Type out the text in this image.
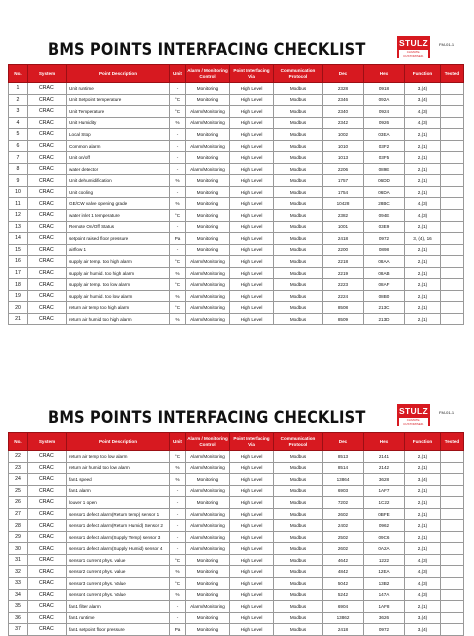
BMS POINTS INTERFACING CHECKLIST	STULZ
CLIMATE. CUSTOMISED.
FM-01-1
No.	System	Point Description	Unit	Alarm / Monitoring Control	Point Interfacing Via	Communication Protocol	Dec	Hex	Function	Tested
1	CRAC	Unit runtime	-	Monitoring	High Level	Modbus	2328	0918	3,(4)	
2	CRAC	Unit Setpoint temperature	°C	Monitoring	High Level	Modbus	2346	092A	3,(4)	
3	CRAC	Unit Temperature	°C	Alarm/Monitoring	High Level	Modbus	2340	0924	4,(3)	
4	CRAC	Unit Humidity	%	Alarm/Monitoring	High Level	Modbus	2342	0926	4,(3)	
5	CRAC	Local Stop	-	Monitoring	High Level	Modbus	1002	03EA	2,(1)	
6	CRAC	Common alarm	-	Alarm/Monitoring	High Level	Modbus	1010	03F2	2,(1)	
7	CRAC	Unit on/off	-	Monitoring	High Level	Modbus	1013	03F5	2,(1)	
8	CRAC	water detector	-	Alarm/Monitoring	High Level	Modbus	2206	089E	2,(1)	
9	CRAC	Unit dehumidification	%	Monitoring	High Level	Modbus	1757	06DD	2,(1)	
10	CRAC	Unit cooling	-	Monitoring	High Level	Modbus	1754	06DA	2,(1)	
11	CRAC	GE/CW valve opening grade	%	Monitoring	High Level	Modbus	10428	28BC	4,(3)	
12	CRAC	water inlet 1 temperature	°C	Monitoring	High Level	Modbus	2382	094E	4,(3)	
13	CRAC	Remote On/Off Status	-	Monitoring	High Level	Modbus	1001	03E9	2,(1)	
14	CRAC	setpoint raised floor pressure	Pa	Monitoring	High Level	Modbus	2418	0972	3, (4), 16	
15	CRAC	airflow 1	-	Monitoring	High Level	Modbus	2200	0898	2,(1)	
16	CRAC	supply air temp. too high alarm	°C	Alarm/Monitoring	High Level	Modbus	2218	08AA	2,(1)	
17	CRAC	supply air humid. too high alarm	%	Alarm/Monitoring	High Level	Modbus	2219	08AB	2,(1)	
18	CRAC	supply air temp. too low alarm	°C	Alarm/Monitoring	High Level	Modbus	2223	08AF	2,(1)	
19	CRAC	supply air humid. too low alarm	%	Alarm/Monitoring	High Level	Modbus	2224	08B0	2,(1)	
20	CRAC	return air temp too high alarm	°C	Alarm/Monitoring	High Level	Modbus	8508	213C	2,(1)	
21	CRAC	return air humid too high alarm	%	Alarm/Monitoring	High Level	Modbus	8509	213D	2,(1)	
BMS POINTS INTERFACING CHECKLIST	STULZ
CLIMATE. CUSTOMISED.
FM-01-1
No.	System	Point Description	Unit	Alarm / Monitoring Control	Point Interfacing Via	Communication Protocol	Dec	Hex	Function	Tested
22	CRAC	return air temp too low alarm	°C	Alarm/Monitoring	High Level	Modbus	8513	2141	2,(1)	
23	CRAC	return air humid too low alarm	%	Alarm/Monitoring	High Level	Modbus	8514	2142	2,(1)	
24	CRAC	fan1 speed	%	Monitoring	High Level	Modbus	13864	3628	3,(4)	
25	CRAC	fan1 alarm	-	Alarm/Monitoring	High Level	Modbus	6903	1AF7	2,(1)	
26	CRAC	louver 1 open	-	Monitoring	High Level	Modbus	7202	1C22	2,(1)	
27	CRAC	sensor1 defect alarm(Return temp) sensor 1	-	Alarm/Monitoring	High Level	Modbus	2602	0BFE	2,(1)	
28	CRAC	sensor1 defect alarm(Return Humid) Sensor 2	-	Alarm/Monitoring	High Level	Modbus	2402	0962	2,(1)	
29	CRAC	sensor1 defect alarm(Supply Temp) sensor 3	-	Alarm/Monitoring	High Level	Modbus	2502	09C6	2,(1)	
30	CRAC	sensor1 defect alarm(Supply Humid) sensor 4	-	Alarm/Monitoring	High Level	Modbus	2602	0A2A	2,(1)	
31	CRAC	sensor1 current phys. value	°C	Monitoring	High Level	Modbus	4642	1222	4,(3)	
32	CRAC	sensor2 current phys. value	%	Monitoring	High Level	Modbus	4842	12EA	4,(3)	
33	CRAC	sensor3 current phys. Value	°C	Monitoring	High Level	Modbus	5042	13B2	4,(3)	
34	CRAC	sensor4 current phys. Value	%	Monitoring	High Level	Modbus	5242	147A	4,(3)	
35	CRAC	fan1 filter alarm	-	Alarm/Monitoring	High Level	Modbus	6904	1AF8	2,(1)	
36	CRAC	fan1 runtime	-	Monitoring	High Level	Modbus	13862	3626	3,(4)	
37	CRAC	fan1 setpoint floor pressure	Pa	Monitoring	High Level	Modbus	2418	0972	3,(4)	
